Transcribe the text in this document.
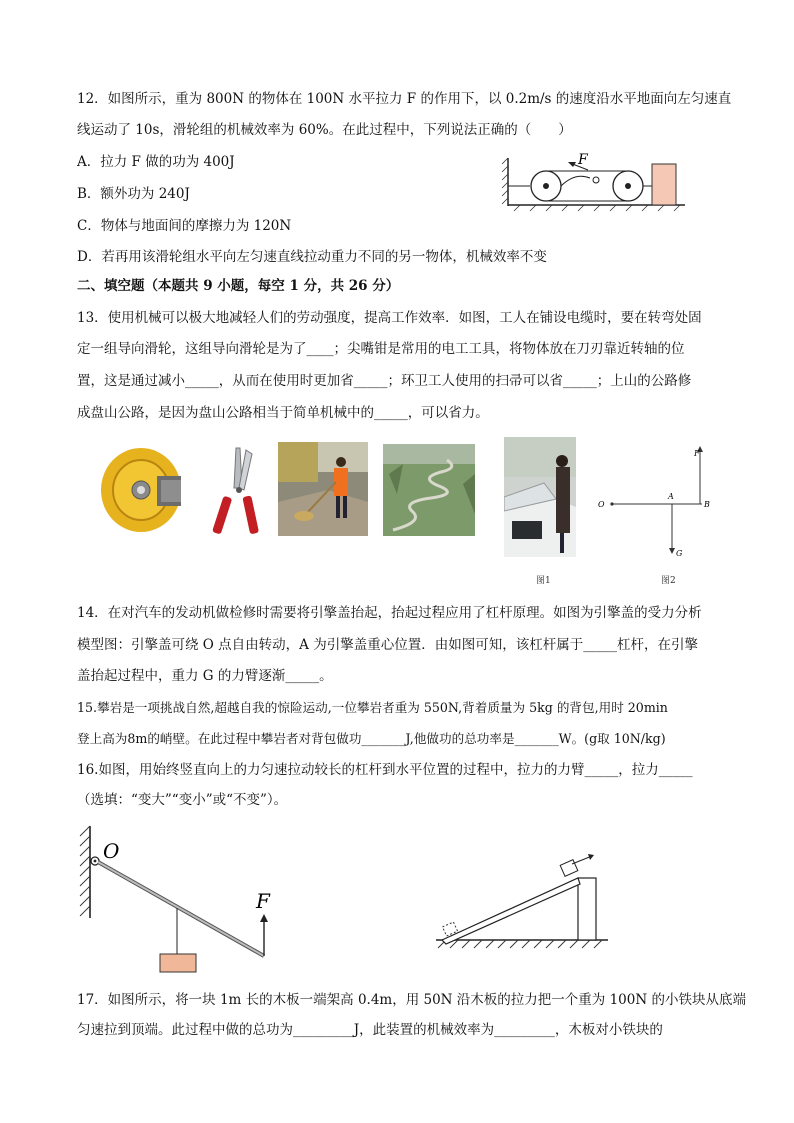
12．如图所示，重为 800N 的物体在 100N 水平拉力 F 的作用下，以 0.2m/s 的速度沿水平地面向左匀速直
线运动了 10s，滑轮组的机械效率为 60%。在此过程中，下列说法正确的（　　）
A．拉力 F 做的功为 400J
B．额外功为 240J
C．物体与地面间的摩擦力为 120N
D．若再用该滑轮组水平向左匀速直线拉动重力不同的另一物体，机械效率不变
F
二、填空题（本题共 9 小题，每空 1 分，共 26 分）
13．使用机械可以极大地减轻人们的劳动强度，提高工作效率．如图，工人在铺设电缆时，要在转弯处固
定一组导向滑轮，这组导向滑轮是为了____；尖嘴钳是常用的电工工具，将物体放在刀刃靠近转轴的位
置，这是通过减小_____，从而在使用时更加省_____；环卫工人使用的扫帚可以省_____；上山的公路修
成盘山公路，是因为盘山公路相当于简单机械中的_____，可以省力。
F
O
A
B
G
图1	图2
14．在对汽车的发动机做检修时需要将引擎盖抬起，抬起过程应用了杠杆原理。如图为引擎盖的受力分析
模型图：引擎盖可绕 O 点自由转动，A 为引擎盖重心位置．由如图可知，该杠杆属于_____杠杆，在引擎
盖抬起过程中，重力 G 的力臂逐渐_____。
15.攀岩是一项挑战自然,超越自我的惊险运动,一位攀岩者重为 550N,背着质量为 5kg 的背包,用时 20min
登上高为8m的峭壁。在此过程中攀岩者对背包做功_______J,他做功的总功率是_______W。(g取 10N/kg)
16.如图，用始终竖直向上的力匀速拉动较长的杠杆到水平位置的过程中，拉力的力臂_____，拉力_____
（选填：“变大”“变小”或“不变”）。
O
F
17．如图所示，将一块 1m 长的木板一端架高 0.4m，用 50N 沿木板的拉力把一个重为 100N 的小铁块从底端
匀速拉到顶端。此过程中做的总功为_________J，此装置的机械效率为_________，木板对小铁块的
